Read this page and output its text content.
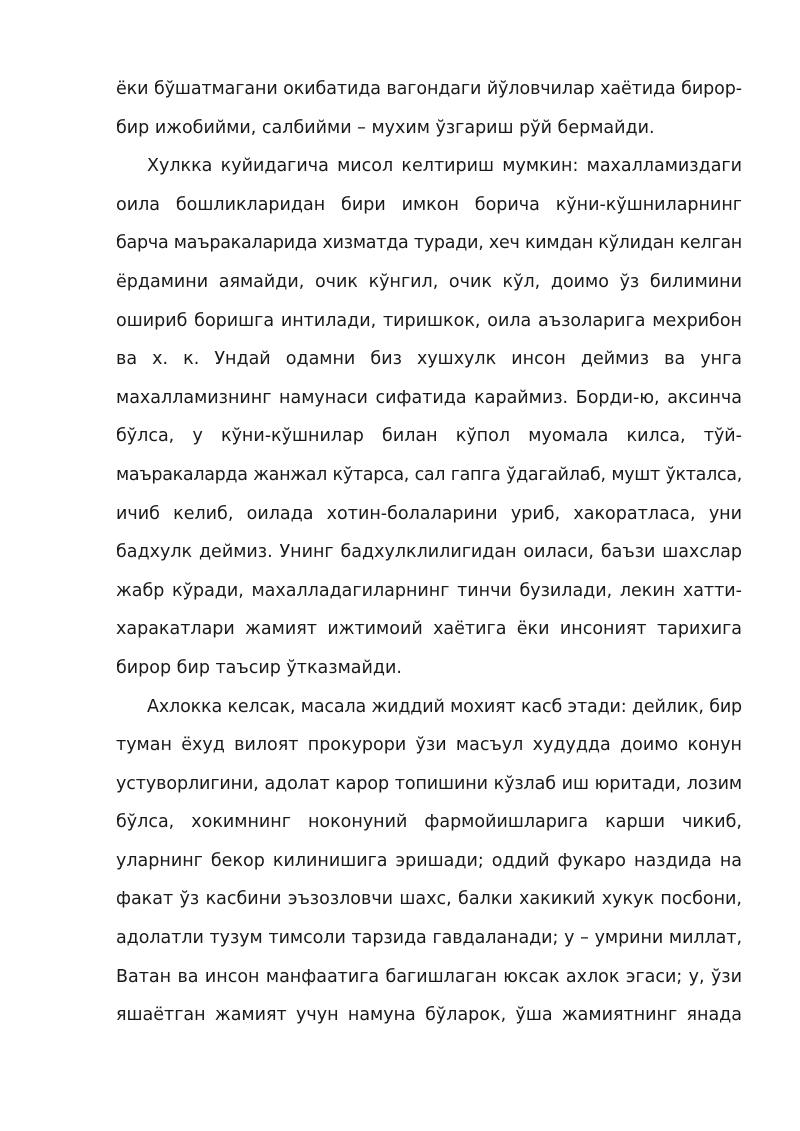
ёки бўшатмагани окибатида вагондаги йўловчилар хаётида бирор-
бир ижобийми, салбийми – мухим ўзгариш рўй бермайди.
Хулкка куйидагича мисол келтириш мумкин: махалламиздаги
оила бошликларидан бири имкон борича кўни-кўшниларнинг
барча маъракаларида хизматда туради, хеч кимдан кўлидан келган
ёрдамини аямайди, очик кўнгил, очик кўл, доимо ўз билимини
ошириб боришга интилади, тиришкок, оила аъзоларига мехрибон
ва х. к. Ундай одамни биз хушхулк инсон деймиз ва унга
махалламизнинг намунаси сифатида караймиз. Борди-ю, аксинча
бўлса, у кўни-кўшнилар билан кўпол муомала килса, тўй-
маъракаларда жанжал кўтарса, сал гапга ўдагайлаб, мушт ўкталса,
ичиб келиб, оилада хотин-болаларини уриб, хакоратласа, уни
бадхулк деймиз. Унинг бадхулклилигидан оиласи, баъзи шахслар
жабр кўради, махалладагиларнинг тинчи бузилади, лекин хатти-
харакатлари жамият ижтимоий хаётига ёки инсоният тарихига
бирор бир таъсир ўтказмайди.
Ахлокка келсак, масала жиддий мохият касб этади: дейлик, бир
туман ёхуд вилоят прокурори ўзи масъул худудда доимо конун
устуворлигини, адолат карор топишини кўзлаб иш юритади, лозим
бўлса, хокимнинг ноконуний фармойишларига карши чикиб,
уларнинг бекор килинишига эришади; оддий фукаро наздида на
факат ўз касбини эъзозловчи шахс, балки хакикий хукук посбони,
адолатли тузум тимсоли тарзида гавдаланади; у – умрини миллат,
Ватан ва инсон манфаатига багишлаган юксак ахлок эгаси; у, ўзи
яшаётган жамият учун намуна бўларок, ўша жамиятнинг янада
